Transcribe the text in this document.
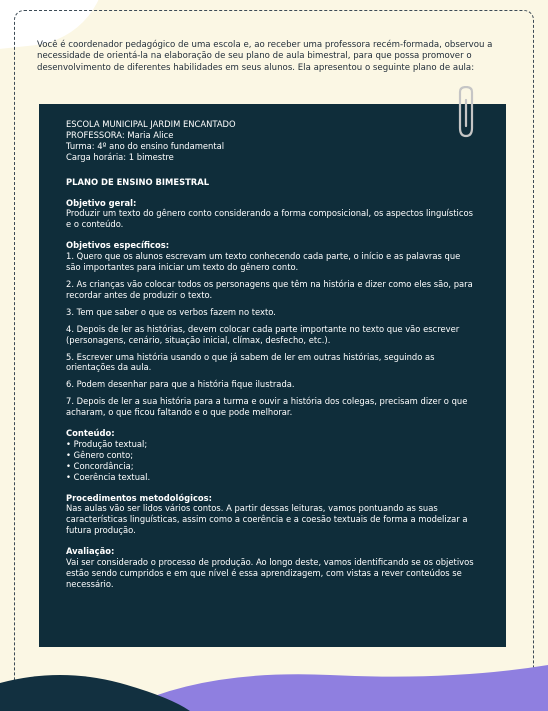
Você é coordenador pedagógico de uma escola e, ao receber uma professora recém-formada, observou a necessidade de orientá-la na elaboração de seu plano de aula bimestral, para que possa promover o desenvolvimento de diferentes habilidades em seus alunos. Ela apresentou o seguinte plano de aula:

ESCOLA MUNICIPAL JARDIM ENCANTADO

PROFESSORA: Maria Alice

Turma: 4º ano do ensino fundamental

Carga horária: 1 bimestre

PLANO DE ENSINO BIMESTRAL

Objetivo geral:

Produzir um texto do gênero conto considerando a forma composicional, os aspectos linguísticos e o conteúdo.

Objetivos específicos:

1. Quero que os alunos escrevam um texto conhecendo cada parte, o início e as palavras que são importantes para iniciar um texto do gênero conto.

2. As crianças vão colocar todos os personagens que têm na história e dizer como eles são, para recordar antes de produzir o texto.

3. Tem que saber o que os verbos fazem no texto.

4. Depois de ler as histórias, devem colocar cada parte importante no texto que vão escrever (personagens, cenário, situação inicial, clímax, desfecho, etc.).

5. Escrever uma história usando o que já sabem de ler em outras histórias, seguindo as orientações da aula.

6. Podem desenhar para que a história fique ilustrada.

7. Depois de ler a sua história para a turma e ouvir a história dos colegas, precisam dizer o que acharam, o que ficou faltando e o que pode melhorar.

Conteúdo:

• Produção textual;
• Gênero conto;
• Concordância;
• Coerência textual.

Procedimentos metodológicos:

Nas aulas vão ser lidos vários contos. A partir dessas leituras, vamos pontuando as suas características linguísticas, assim como a coerência e a coesão textuais de forma a modelizar a futura produção.

Avaliação:

Vai ser considerado o processo de produção. Ao longo deste, vamos identificando se os objetivos estão sendo cumpridos e em que nível é essa aprendizagem, com vistas a rever conteúdos se necessário.
